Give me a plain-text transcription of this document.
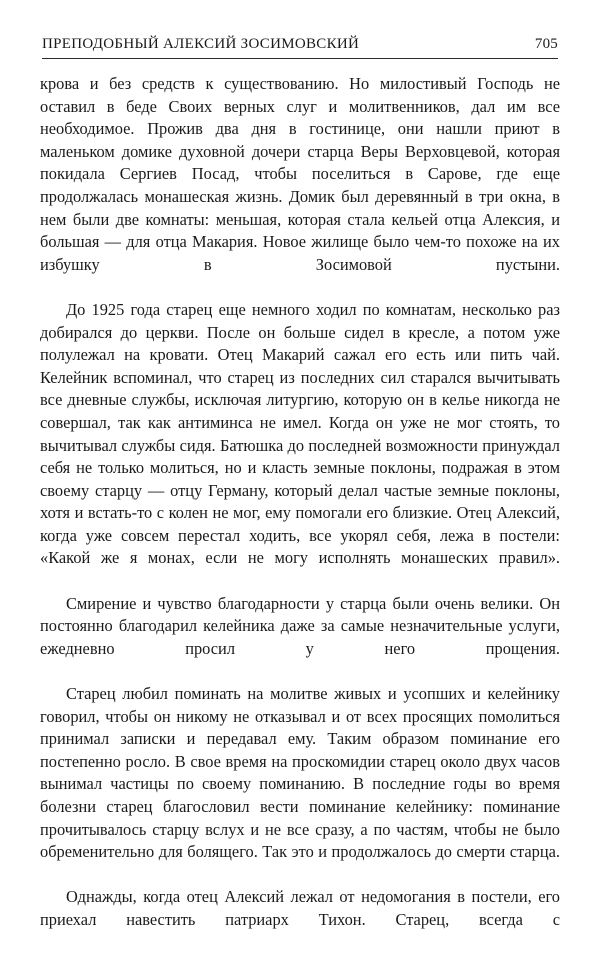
ПРЕПОДОБНЫЙ АЛЕКСИЙ ЗОСИМОВСКИЙ	705

крова и без средств к существованию. Но милостивый Господь не оставил в беде Своих верных слуг и молитвенников, дал им все необходимое. Прожив два дня в гостинице, они нашли приют в маленьком домике духовной дочери старца Веры Верховцевой, которая покидала Сергиев Посад, чтобы поселиться в Сарове, где еще продолжалась монашеская жизнь. Домик был деревянный в три окна, в нем были две комнаты: меньшая, которая стала кельей отца Алексия, и большая — для отца Макария. Новое жилище было чем-то похоже на их избушку в Зосимовой пустыни.

До 1925 года старец еще немного ходил по комнатам, несколько раз добирался до церкви. После он больше сидел в кресле, а потом уже полулежал на кровати. Отец Макарий сажал его есть или пить чай. Келейник вспоминал, что старец из последних сил старался вычитывать все дневные службы, исключая литургию, которую он в келье никогда не совершал, так как антиминса не имел. Когда он уже не мог стоять, то вычитывал службы сидя. Батюшка до последней возможности принуждал себя не только молиться, но и класть земные поклоны, подражая в этом своему старцу — отцу Герману, который делал частые земные поклоны, хотя и встать-то с колен не мог, ему помогали его близкие. Отец Алексий, когда уже совсем перестал ходить, все укорял себя, лежа в постели: «Какой же я монах, если не могу исполнять монашеских правил».

Смирение и чувство благодарности у старца были очень велики. Он постоянно благодарил келейника даже за самые незначительные услуги, ежедневно просил у него прощения.

Старец любил поминать на молитве живых и усопших и келейнику говорил, чтобы он никому не отказывал и от всех просящих помолиться принимал записки и передавал ему. Таким образом поминание его постепенно росло. В свое время на проскомидии старец около двух часов вынимал частицы по своему поминанию. В последние годы во время болезни старец благословил вести поминание келейнику: поминание прочитывалось старцу вслух и не все сразу, а по частям, чтобы не было обременительно для болящего. Так это и продолжалось до смерти старца.

Однажды, когда отец Алексий лежал от недомогания в постели, его приехал навестить патриарх Тихон. Старец, всегда с
